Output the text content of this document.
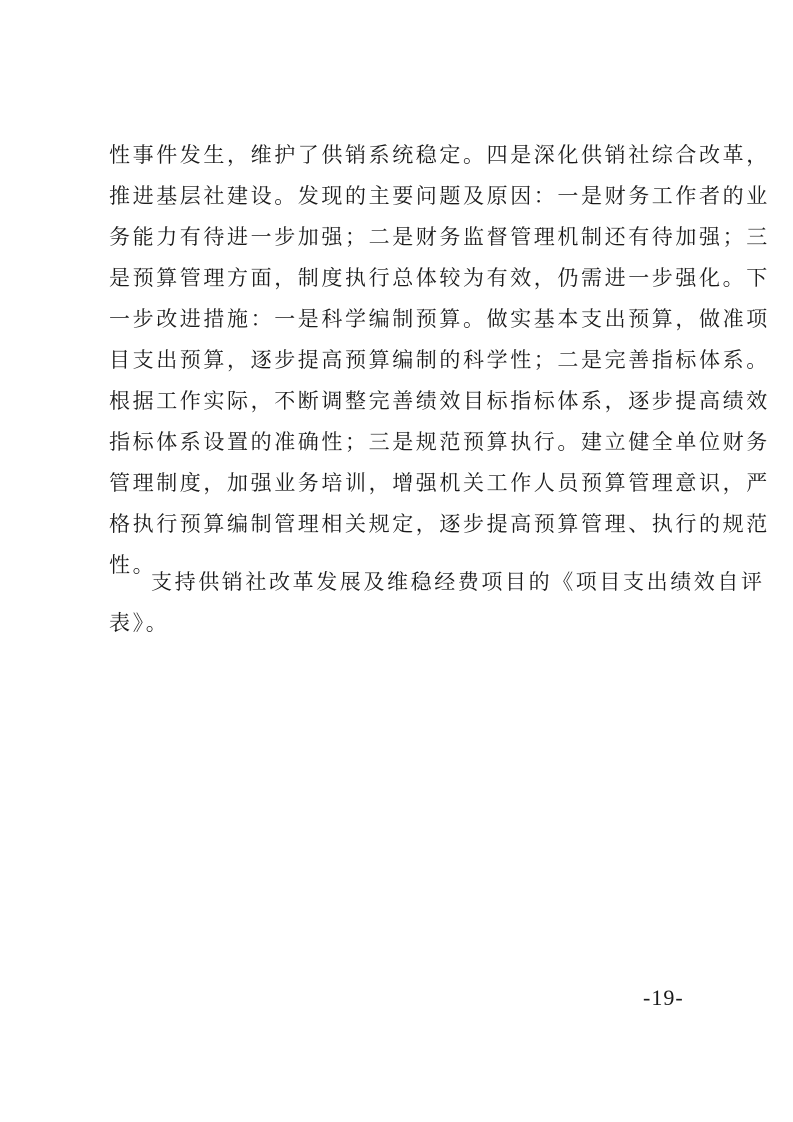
性事件发生，维护了供销系统稳定。四是深化供销社综合改革，
推进基层社建设。发现的主要问题及原因：一是财务工作者的业
务能力有待进一步加强；二是财务监督管理机制还有待加强；三
是预算管理方面，制度执行总体较为有效，仍需进一步强化。下
一步改进措施：一是科学编制预算。做实基本支出预算，做准项
目支出预算，逐步提高预算编制的科学性；二是完善指标体系。
根据工作实际，不断调整完善绩效目标指标体系，逐步提高绩效
指标体系设置的准确性；三是规范预算执行。建立健全单位财务
管理制度，加强业务培训，增强机关工作人员预算管理意识，严
格执行预算编制管理相关规定，逐步提高预算管理、执行的规范
性。
支持供销社改革发展及维稳经费项目的《项目支出绩效自评
表》。
-19-
